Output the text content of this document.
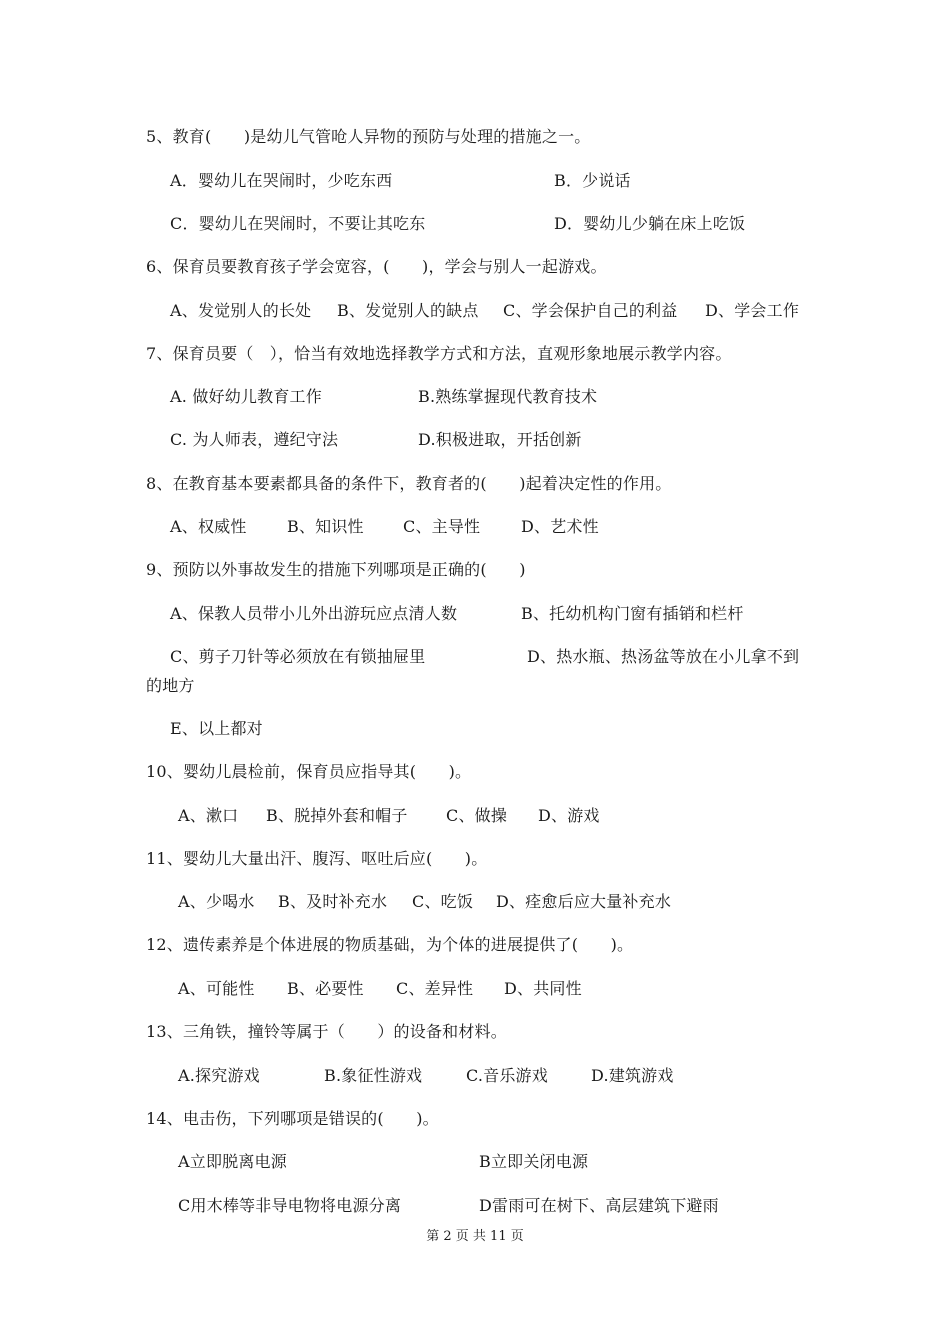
5、教育(　　)是幼儿气管呛人异物的预防与处理的措施之一。
A．婴幼儿在哭闹时，少吃东西	B．少说话
C．婴幼儿在哭闹时，不要让其吃东	D．婴幼儿少躺在床上吃饭
6、保育员要教育孩子学会宽容，(　　)，学会与别人一起游戏。
A、发觉别人的长处 B、发觉别人的缺点 C、学会保护自己的利益 D、学会工作
7、保育员要（　），恰当有效地选择教学方式和方法，直观形象地展示教学内容。
A. 做好幼儿教育工作	B.熟练掌握现代教育技术
C. 为人师表，遵纪守法	D.积极进取，开括创新
8、在教育基本要素都具备的条件下，教育者的(　　)起着决定性的作用。
A、权威性	B、知识性 C、主导性	D、艺术性
9、预防以外事故发生的措施下列哪项是正确的(　　)
A、保教人员带小儿外出游玩应点清人数	B、托幼机构门窗有插销和栏杆
C、剪子刀针等必须放在有锁抽屉里	D、热水瓶、热汤盆等放在小儿拿不到
的地方
E、以上都对
10、婴幼儿晨检前，保育员应指导其(　　)。
A、漱口 B、脱掉外套和帽子 C、做操 D、游戏
11、婴幼儿大量出汗、腹泻、呕吐后应(　　)。
A、少喝水 B、及时补充水 C、吃饭 D、痊愈后应大量补充水
12、遗传素养是个体进展的物质基础，为个体的进展提供了(　　)。
A、可能性 B、必要性 C、差异性 D、共同性
13、三角铁，撞铃等属于（　　）的设备和材料。
A.探究游戏	B.象征性游戏	C.音乐游戏	D.建筑游戏
14、电击伤，下列哪项是错误的(　　)。
A立即脱离电源	B立即关闭电源
C用木棒等非导电物将电源分离	D雷雨可在树下、高层建筑下避雨
第 2 页 共 11 页
